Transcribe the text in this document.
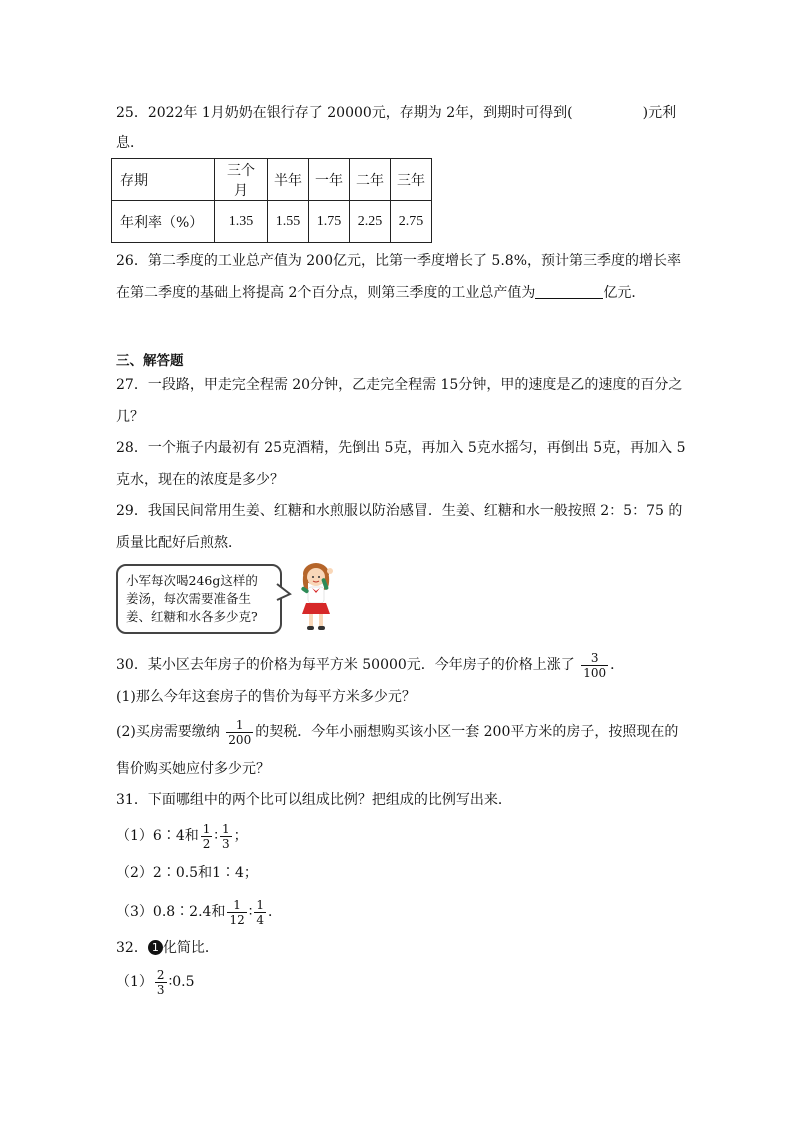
25．2022年 1月奶奶在银行存了 20000元，存期为 2年，到期时可得到(	)元利
息．
存期	三个月	半年	一年	二年	三年
年利率（%）	1.35	1.55	1.75	2.25	2.75
26．第二季度的工业总产值为 200亿元，比第一季度增长了 5.8%，预计第三季度的增长率
在第二季度的基础上将提高 2个百分点，则第三季度的工业总产值为	亿元．
三、解答题
27．一段路，甲走完全程需 20分钟，乙走完全程需 15分钟，甲的速度是乙的速度的百分之
几？
28．一个瓶子内最初有 25克酒精，先倒出 5克，再加入 5克水摇匀，再倒出 5克，再加入 5
克水，现在的浓度是多少？
29．我国民间常用生姜、红糖和水煎服以防治感冒．生姜、红糖和水一般按照 2：5：75 的
质量比配好后煎熬．
小军每次喝246g这样的
姜汤，每次需要准备生
姜、红糖和水各多少克?
30．某小区去年房子的价格为每平方米 50000元．今年房子的价格上涨了 $\frac{3}{100}$ ．
(1)那么今年这套房子的售价为每平方米多少元？
(2)买房需要缴纳 $\frac{1}{200}$ 的契税．今年小丽想购买该小区一套 200平方米的房子，按照现在的
售价购买她应付多少元？
31．下面哪组中的两个比可以组成比例？把组成的比例写出来．
（1）6∶4和 $\frac{1}{2}$ ∶ $\frac{1}{3}$ ；
（2）2∶0.5和1∶4；
（3）0.8∶2.4和 $\frac{1}{12}$ ∶ $\frac{1}{4}$ ．
32． 1 化简比．
$(1) \frac{2}{3}$ ∶0.5
